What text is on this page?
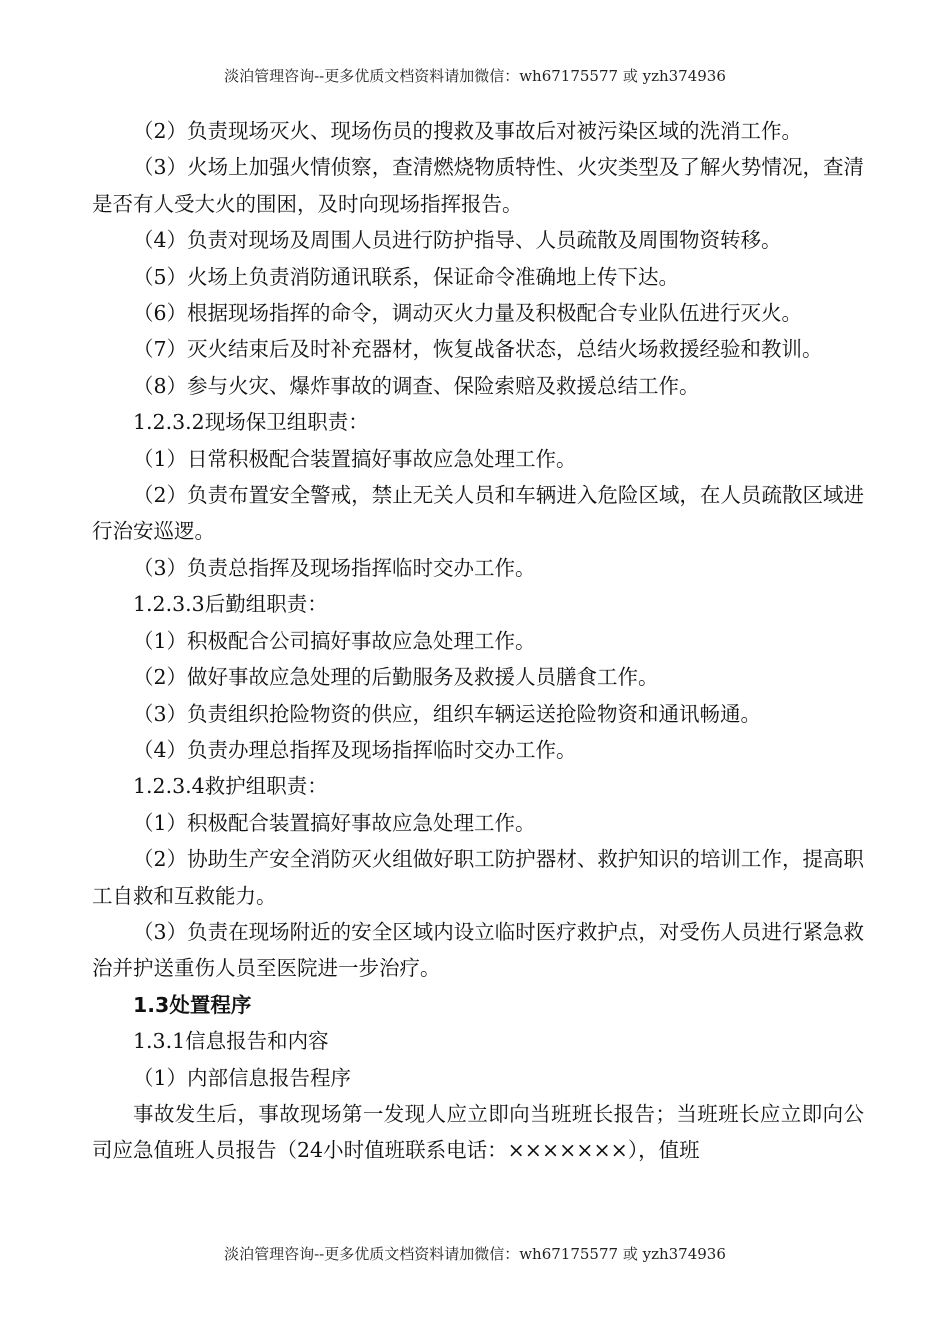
淡泊管理咨询--更多优质文档资料请加微信：wh67175577 或 yzh374936

（2）负责现场灭火、现场伤员的搜救及事故后对被污染区域的洗消工作。

（3）火场上加强火情侦察，查清燃烧物质特性、火灾类型及了解火势情况，查清是否有人受大火的围困，及时向现场指挥报告。

（4）负责对现场及周围人员进行防护指导、人员疏散及周围物资转移。

（5）火场上负责消防通讯联系，保证命令准确地上传下达。

（6）根据现场指挥的命令，调动灭火力量及积极配合专业队伍进行灭火。

（7）灭火结束后及时补充器材，恢复战备状态，总结火场救援经验和教训。

（8）参与火灾、爆炸事故的调查、保险索赔及救援总结工作。

1.2.3.2现场保卫组职责：

（1）日常积极配合装置搞好事故应急处理工作。

（2）负责布置安全警戒，禁止无关人员和车辆进入危险区域，在人员疏散区域进行治安巡逻。

（3）负责总指挥及现场指挥临时交办工作。

1.2.3.3后勤组职责：

（1）积极配合公司搞好事故应急处理工作。

（2）做好事故应急处理的后勤服务及救援人员膳食工作。

（3）负责组织抢险物资的供应，组织车辆运送抢险物资和通讯畅通。

（4）负责办理总指挥及现场指挥临时交办工作。

1.2.3.4救护组职责：

（1）积极配合装置搞好事故应急处理工作。

（2）协助生产安全消防灭火组做好职工防护器材、救护知识的培训工作，提高职工自救和互救能力。

（3）负责在现场附近的安全区域内设立临时医疗救护点，对受伤人员进行紧急救治并护送重伤人员至医院进一步治疗。

1.3处置程序

1.3.1信息报告和内容

（1）内部信息报告程序

事故发生后，事故现场第一发现人应立即向当班班长报告；当班班长应立即向公司应急值班人员报告（24小时值班联系电话：×××××××），值班

淡泊管理咨询--更多优质文档资料请加微信：wh67175577 或 yzh374936
